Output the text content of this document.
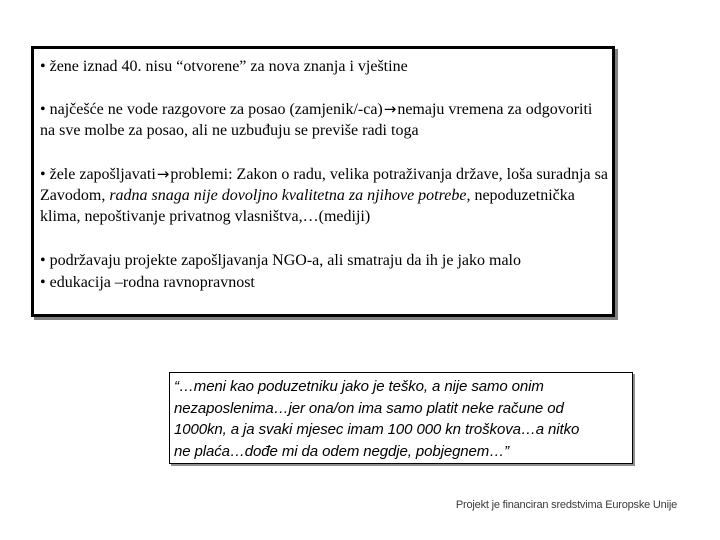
• žene iznad 40. nisu “otvorene” za nova znanja i vještine

• najčešće ne vode razgovore za posao (zamjenik/-ca)→nemaju vremena za odgovoriti na sve molbe za posao, ali ne uzbuđuju se previše radi toga

• žele zapošljavati→problemi: Zakon o radu, velika potraživanja države, loša suradnja sa Zavodom, radna snaga nije dovoljno kvalitetna za njihove potrebe, nepoduzetnička klima, nepoštivanje privatnog vlasništva,…(mediji)

• podržavaju projekte zapošljavanja NGO-a, ali smatraju da ih je jako malo

• edukacija –rodna ravnopravnost

“…meni kao poduzetniku jako je teško, a nije samo onim

nezaposlenima…jer ona/on ima samo platit neke račune od

1000kn, a ja svaki mjesec imam 100 000 kn troškova…a nitko

ne plaća…dođe mi da odem negdje, pobjegnem…”

Projekt je financiran sredstvima Europske Unije
